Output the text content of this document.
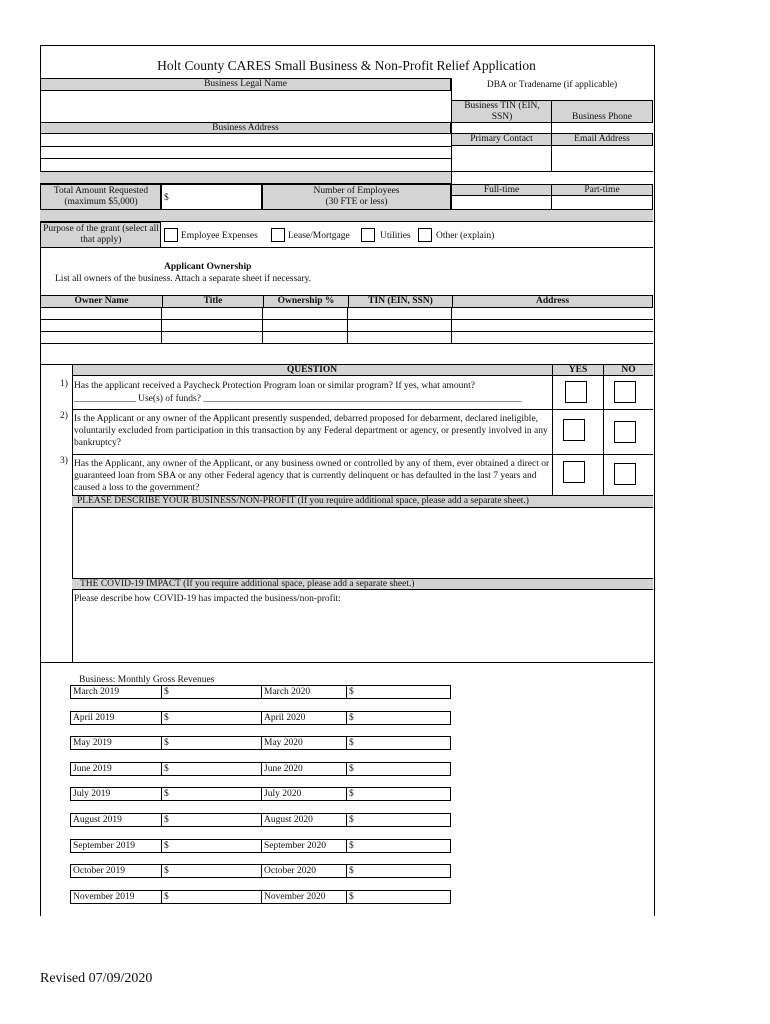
Holt County CARES Small Business & Non-Profit Relief Application
Business Legal Name	DBA or Tradename (if applicable)
Business TIN (EIN, SSN)	Business Phone
Business Address
Primary Contact	Email Address
Total Amount Requested (maximum $5,000)	$
Number of Employees
(30 FTE or less)
Full-time	Part-time
Purpose of the grant (select all that apply)	Employee Expenses	Lease/Mortgage	Utilities	Other (explain)
Applicant Ownership
List all owners of the business. Attach a separate sheet if necessary.
Owner Name	Title	Ownership %	TIN (EIN, SSN)	Address
QUESTION	YES	NO
1) Has the applicant received a Paycheck Protection Program loan or similar program? If yes, what amount?
_____________ Use(s) of funds? ___________________________________________________________________
2) Is the Applicant or any owner of the Applicant presently suspended, debarred proposed for debarment, declared ineligible, voluntarily excluded from participation in this transaction by any Federal department or agency, or presently involved in any bankruptcy?
3) Has the Applicant, any owner of the Applicant, or any business owned or controlled by any of them, ever obtained a direct or guaranteed loan from SBA or any other Federal agency that is currently delinquent or has defaulted in the last 7 years and caused a loss to the government?
PLEASE DESCRIBE YOUR BUSINESS/NON-PROFIT (If you require additional space, please add a separate sheet.)
THE COVID-19 IMPACT (If you require additional space, please add a separate sheet.)
Please describe how COVID-19 has impacted the business/non-profit:
Business: Monthly Gross Revenues
March 2019	$	March 2020	$
April 2019	$	April 2020	$
May 2019	$	May 2020	$
June 2019	$	June 2020	$
July 2019	$	July 2020	$
August 2019	$	August 2020	$
September 2019	$	September 2020 $
October 2019	$	October 2020	$
November 2019	$	November 2020 $
Revised 07/09/2020
